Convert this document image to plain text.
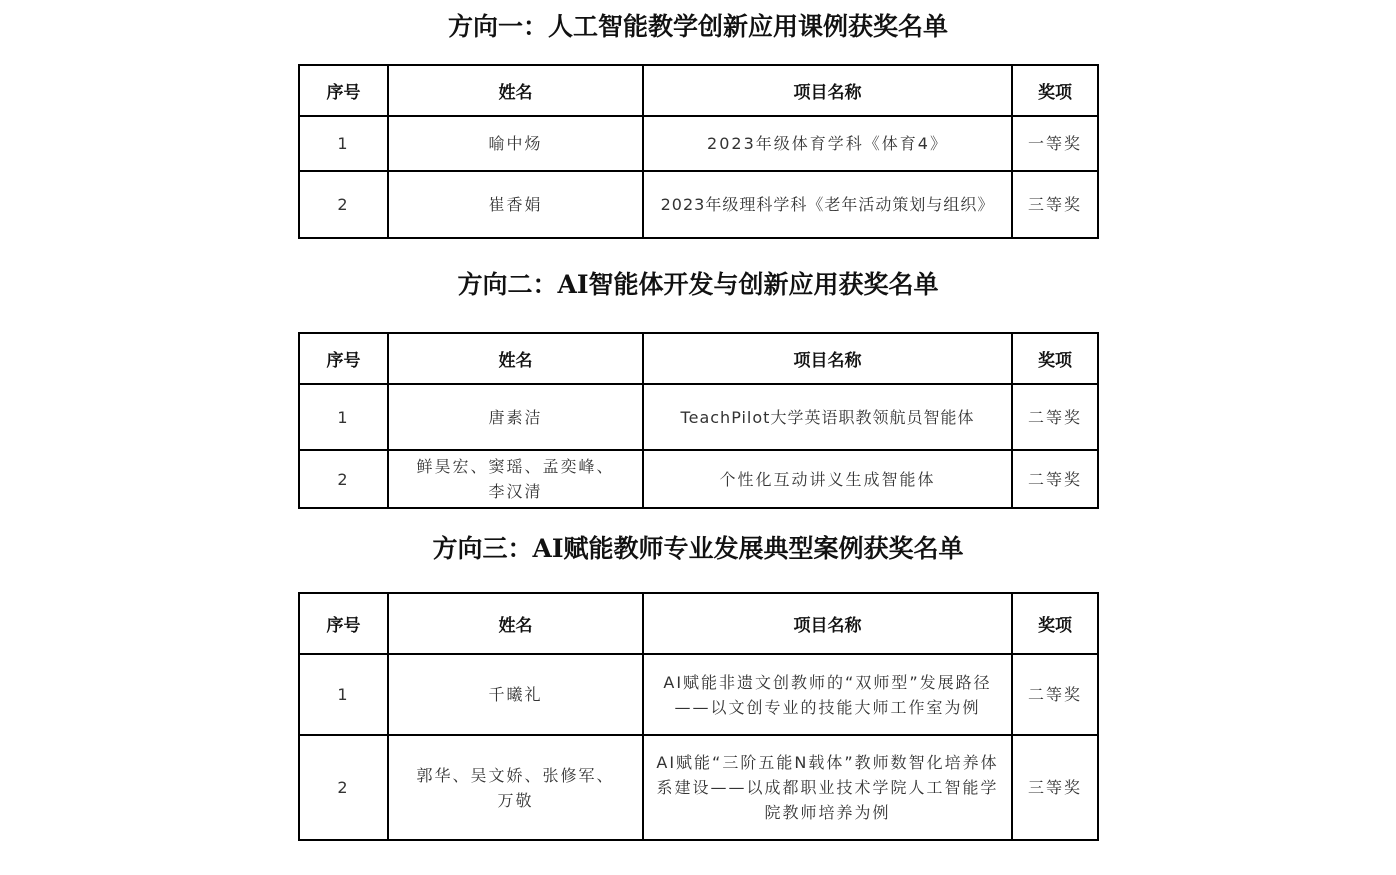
方向一：人工智能教学创新应用课例获奖名单
序号	姓名	项目名称	奖项
1	喻中炀	2023年级体育学科《体育4》	一等奖
2	崔香娟	2023年级理科学科《老年活动策划与组织》	三等奖
方向二：AI智能体开发与创新应用获奖名单
序号	姓名	项目名称	奖项
1	唐素洁	TeachPilot大学英语职教领航员智能体	二等奖
2	鲜昊宏、窦瑶、孟奕峰、李汉清	个性化互动讲义生成智能体	二等奖
方向三：AI赋能教师专业发展典型案例获奖名单
序号	姓名	项目名称	奖项
1	千曦礼	AI赋能非遗文创教师的“双师型”发展路径——以文创专业的技能大师工作室为例	二等奖
2	郭华、吴文娇、张修军、万敬	AI赋能“三阶五能N载体”教师数智化培养体系建设——以成都职业技术学院人工智能学院教师培养为例	三等奖
